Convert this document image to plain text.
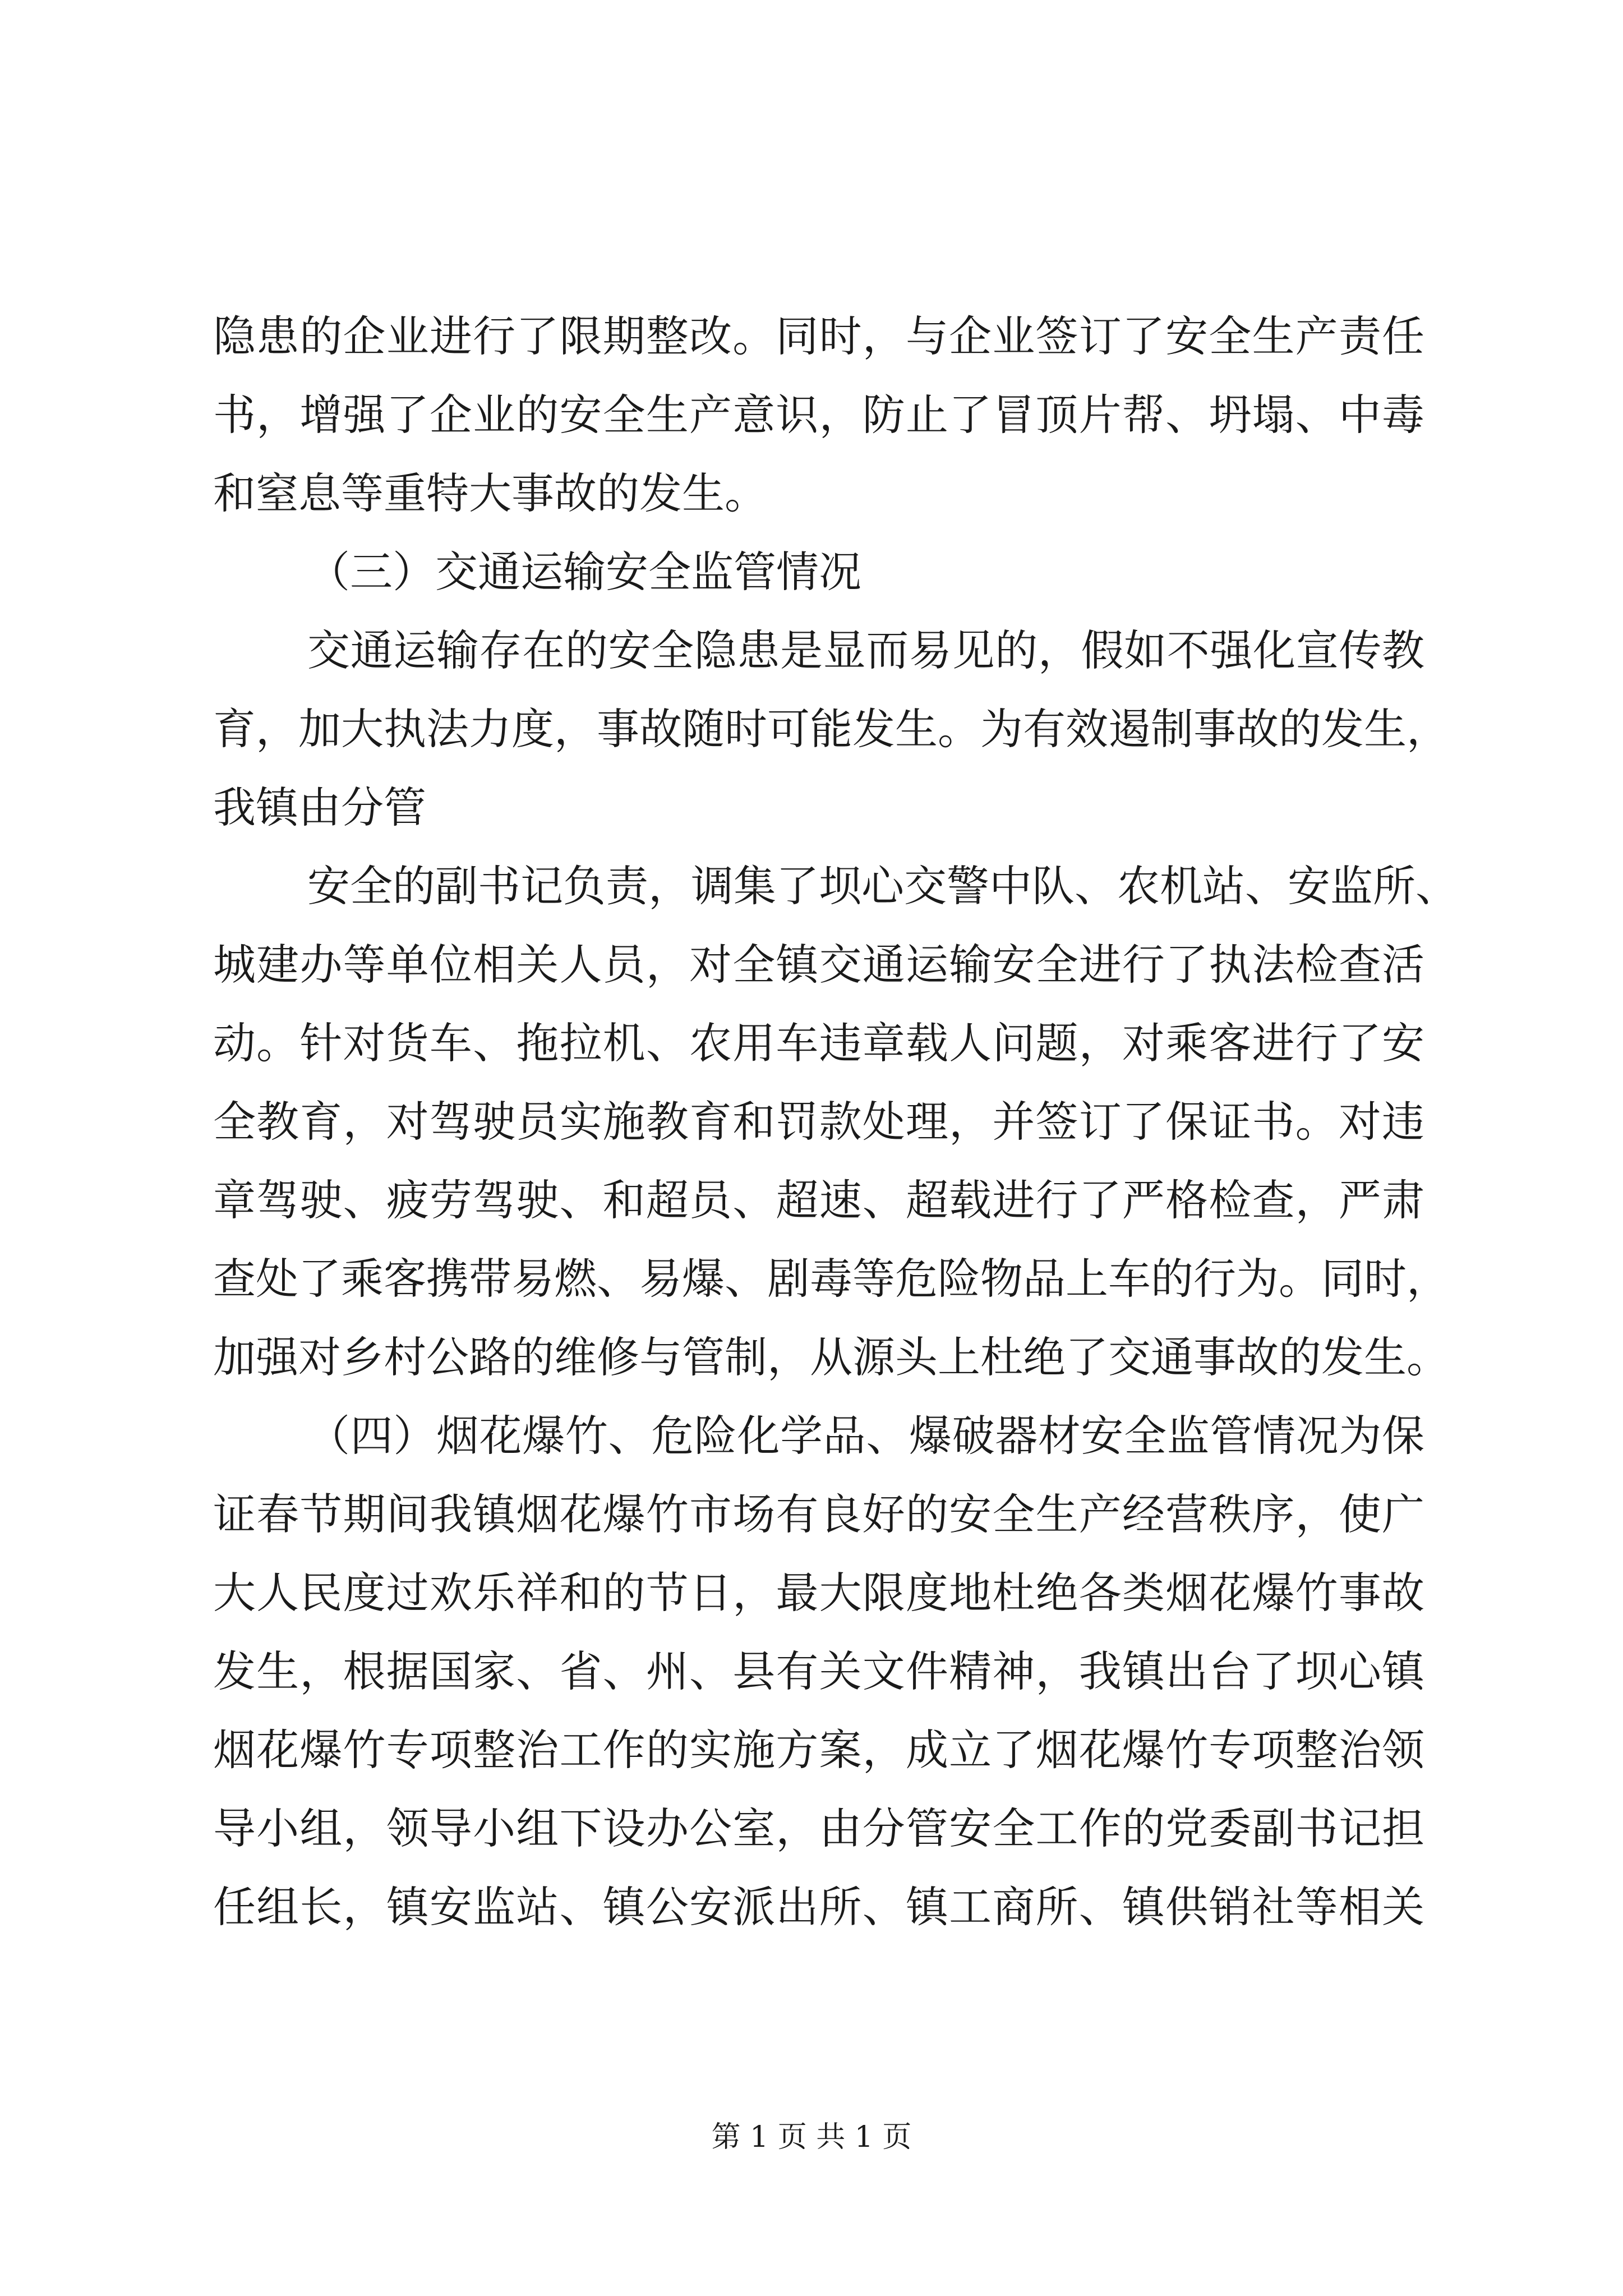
隐患的企业进行了限期整改。同时，与企业签订了安全生产责任
书，增强了企业的安全生产意识，防止了冒顶片帮、坍塌、中毒
和窒息等重特大事故的发生。
（三）交通运输安全监管情况
交通运输存在的安全隐患是显而易见的，假如不强化宣传教
育，加大执法力度，事故随时可能发生。为有效遏制事故的发生，
我镇由分管
安全的副书记负责，调集了坝心交警中队、农机站、安监所、
城建办等单位相关人员，对全镇交通运输安全进行了执法检查活
动。针对货车、拖拉机、农用车违章载人问题，对乘客进行了安
全教育，对驾驶员实施教育和罚款处理，并签订了保证书。对违
章驾驶、疲劳驾驶、和超员、超速、超载进行了严格检查，严肃
查处了乘客携带易燃、易爆、剧毒等危险物品上车的行为。同时，
加强对乡村公路的维修与管制，从源头上杜绝了交通事故的发生。
（四）烟花爆竹、危险化学品、爆破器材安全监管情况为保
证春节期间我镇烟花爆竹市场有良好的安全生产经营秩序，使广
大人民度过欢乐祥和的节日，最大限度地杜绝各类烟花爆竹事故
发生，根据国家、省、州、县有关文件精神，我镇出台了坝心镇
烟花爆竹专项整治工作的实施方案，成立了烟花爆竹专项整治领
导小组，领导小组下设办公室，由分管安全工作的党委副书记担
任组长，镇安监站、镇公安派出所、镇工商所、镇供销社等相关
第 1 页 共 1 页
